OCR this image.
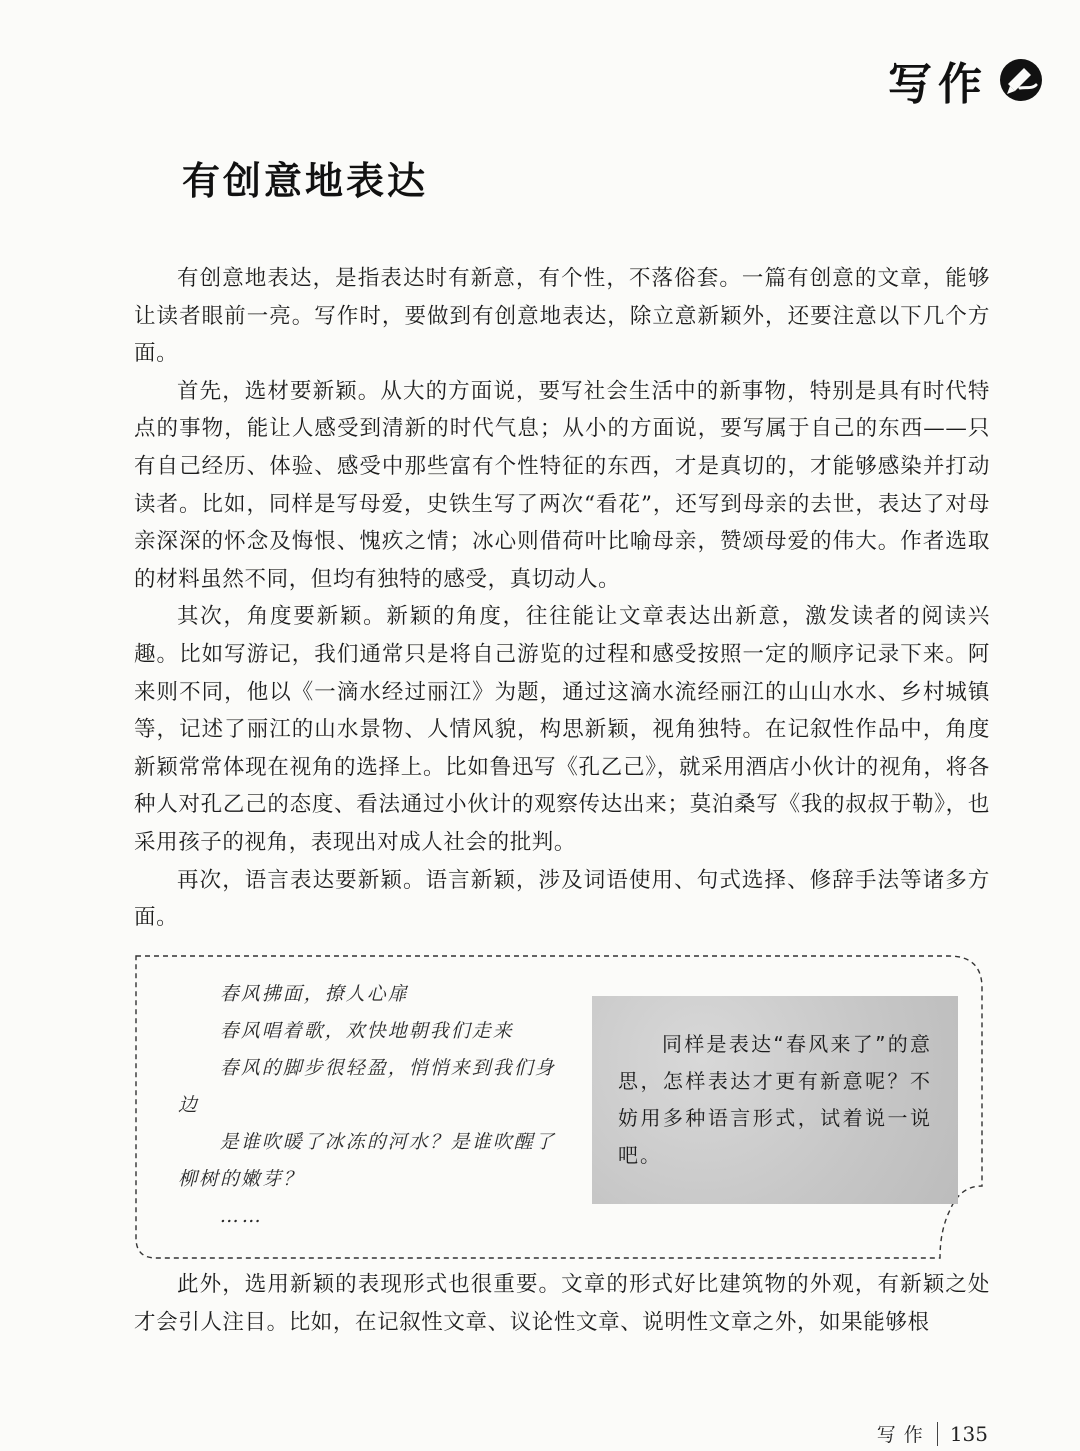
写作
有创意地表达

有创意地表达，是指表达时有新意，有个性，不落俗套。一篇有创意的文章，能够让读者眼前一亮。写作时，要做到有创意地表达，除立意新颖外，还要注意以下几个方面。

首先，选材要新颖。从大的方面说，要写社会生活中的新事物，特别是具有时代特点的事物，能让人感受到清新的时代气息；从小的方面说，要写属于自己的东西——只有自己经历、体验、感受中那些富有个性特征的东西，才是真切的，才能够感染并打动读者。比如，同样是写母爱，史铁生写了两次“看花”，还写到母亲的去世，表达了对母亲深深的怀念及悔恨、愧疚之情；冰心则借荷叶比喻母亲，赞颂母爱的伟大。作者选取的材料虽然不同，但均有独特的感受，真切动人。

其次，角度要新颖。新颖的角度，往往能让文章表达出新意，激发读者的阅读兴趣。比如写游记，我们通常只是将自己游览的过程和感受按照一定的顺序记录下来。阿来则不同，他以《一滴水经过丽江》为题，通过这滴水流经丽江的山山水水、乡村城镇等，记述了丽江的山水景物、人情风貌，构思新颖，视角独特。在记叙性作品中，角度新颖常常体现在视角的选择上。比如鲁迅写《孔乙己》，就采用酒店小伙计的视角，将各种人对孔乙己的态度、看法通过小伙计的观察传达出来；莫泊桑写《我的叔叔于勒》，也采用孩子的视角，表现出对成人社会的批判。

再次，语言表达要新颖。语言新颖，涉及词语使用、句式选择、修辞手法等诸多方面。

春风拂面，撩人心扉

春风唱着歌，欢快地朝我们走来

春风的脚步很轻盈，悄悄来到我们身边

是谁吹暖了冰冻的河水？是谁吹醒了柳树的嫩芽？

……

同样是表达“春风来了”的意思，怎样表达才更有新意呢？不妨用多种语言形式，试着说一说吧。

此外，选用新颖的表现形式也很重要。文章的形式好比建筑物的外观，有新颖之处才会引人注目。比如，在记叙性文章、议论性文章、说明性文章之外，如果能够根

写作 135
